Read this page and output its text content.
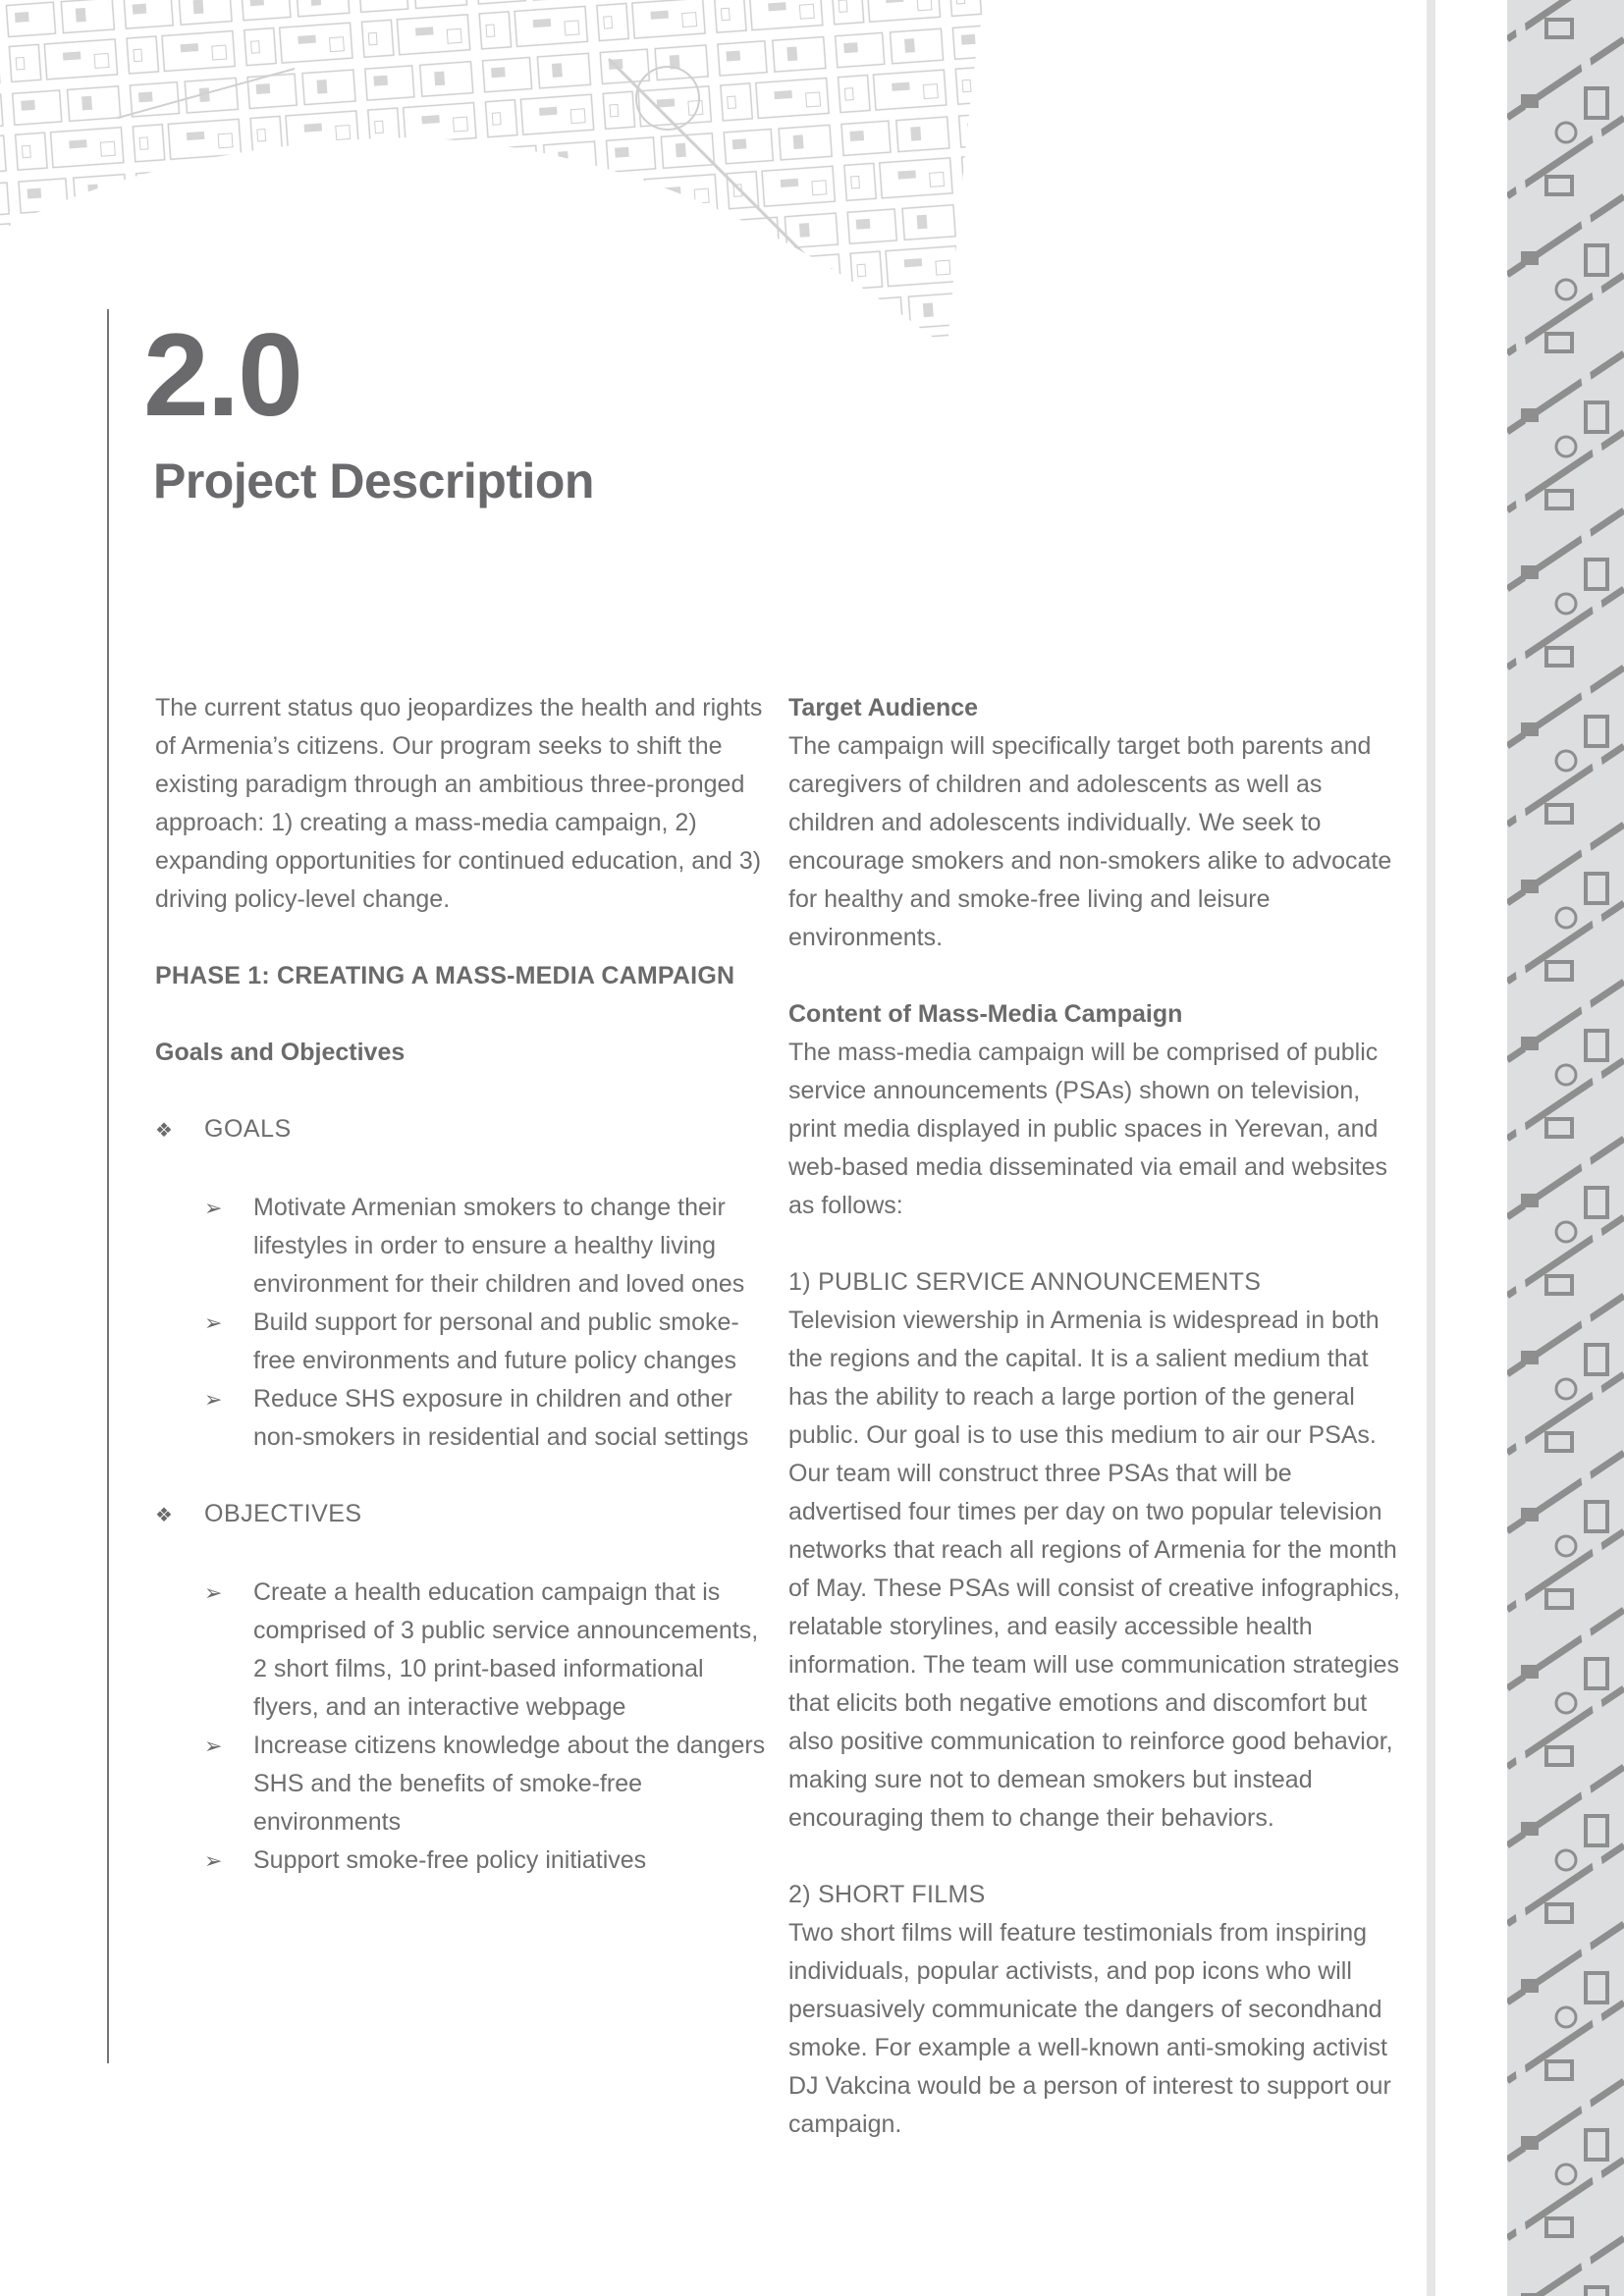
2.0
Project Description

The current status quo jeopardizes the health and rights of Armenia’s citizens. Our program seeks to shift the existing paradigm through an ambitious three-pronged approach: 1) creating a mass-media campaign, 2) expanding opportunities for continued education, and 3) driving policy-level change.

PHASE 1: CREATING A MASS-MEDIA CAMPAIGN

Goals and Objectives

❖	GOALS
➢	Motivate Armenian smokers to change their lifestyles in order to ensure a healthy living environment for their children and loved ones
➢	Build support for personal and public smoke-free environments and future policy changes
➢	Reduce SHS exposure in children and other non-smokers in residential and social settings
❖	OBJECTIVES
➢	Create a health education campaign that is comprised of 3 public service announcements, 2 short films, 10 print-based informational flyers, and an interactive webpage
➢	Increase citizens knowledge about the dangers SHS and the benefits of smoke-free environments
➢	Support smoke-free policy initiatives

Target Audience

The campaign will specifically target both parents and caregivers of children and adolescents as well as children and adolescents individually. We seek to encourage smokers and non-smokers alike to advocate for healthy and smoke-free living and leisure environments.

Content of Mass-Media Campaign

The mass-media campaign will be comprised of public service announcements (PSAs) shown on television, print media displayed in public spaces in Yerevan, and web-based media disseminated via email and websites as follows:

1) PUBLIC SERVICE ANNOUNCEMENTS

Television viewership in Armenia is widespread in both the regions and the capital. It is a salient medium that has the ability to reach a large portion of the general public. Our goal is to use this medium to air our PSAs. Our team will construct three PSAs that will be advertised four times per day on two popular television networks that reach all regions of Armenia for the month of May. These PSAs will consist of creative infographics, relatable storylines, and easily accessible health information. The team will use communication strategies that elicits both negative emotions and discomfort but also positive communication to reinforce good behavior, making sure not to demean smokers but instead encouraging them to change their behaviors.

2) SHORT FILMS

Two short films will feature testimonials from inspiring individuals, popular activists, and pop icons who will persuasively communicate the dangers of secondhand smoke. For example a well-known anti-smoking activist DJ Vakcina would be a person of interest to support our campaign.
